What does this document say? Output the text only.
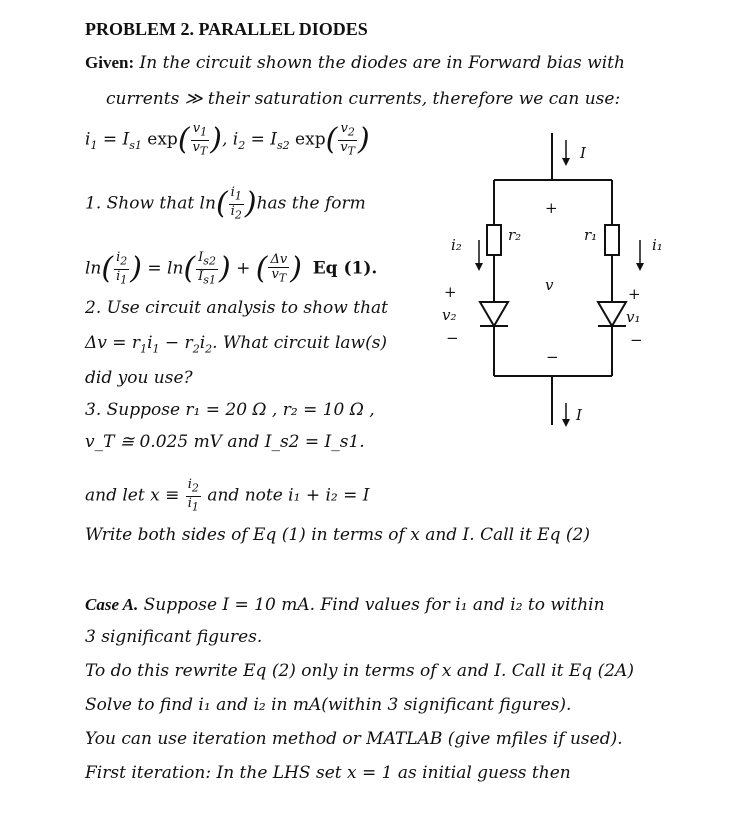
PROBLEM 2. PARALLEL DIODES
Given: In the circuit shown the diodes are in Forward bias with
currents ≫ their saturation currents, therefore we can use:
$i_1 = I_{s1}$ $\exp( \frac{v_1}{v_T}$ ), $i_2 = I_{s2}$ $\exp( \frac{v_2}{v_T}$ )
1. Show that $\ln( \frac{i_1}{i_2} )has$ the form
$\ln( \frac{i_2}{i_1}$ ) = $\ln( \frac{I_{s2}}{I_{s1}}$ ) + ( $\frac{\Delta v}{v_T}$ ) Eq (1).
2. Use circuit analysis to show that
$\Delta v = r_1i_1 - r_2i_2$. What circuit law(s)
did you use?
3. Suppose r₁ = 20 Ω , r₂ = 10 Ω ,
v_T ≅ 0.025 mV and I_s2 = I_s1.
and let $x \equiv \frac{i_2}{i_1}$ and note i₁ + i₂ = I
Write both sides of Eq (1) in terms of x and I. Call it Eq (2)
Case A. Suppose I = 10 mA. Find values for i₁ and i₂ to within
3 significant figures.
To do this rewrite Eq (2) only in terms of x and I. Call it Eq (2A)
Solve to find i₁ and i₂ in mA(within 3 significant figures).
You can use iteration method or MATLAB (give mfiles if used).
First iteration: In the LHS set x = 1 as initial guess then
I
I
r₂	r₁
i₂	i₁
+
v
−
+
v₂
−
+
v₁
−
